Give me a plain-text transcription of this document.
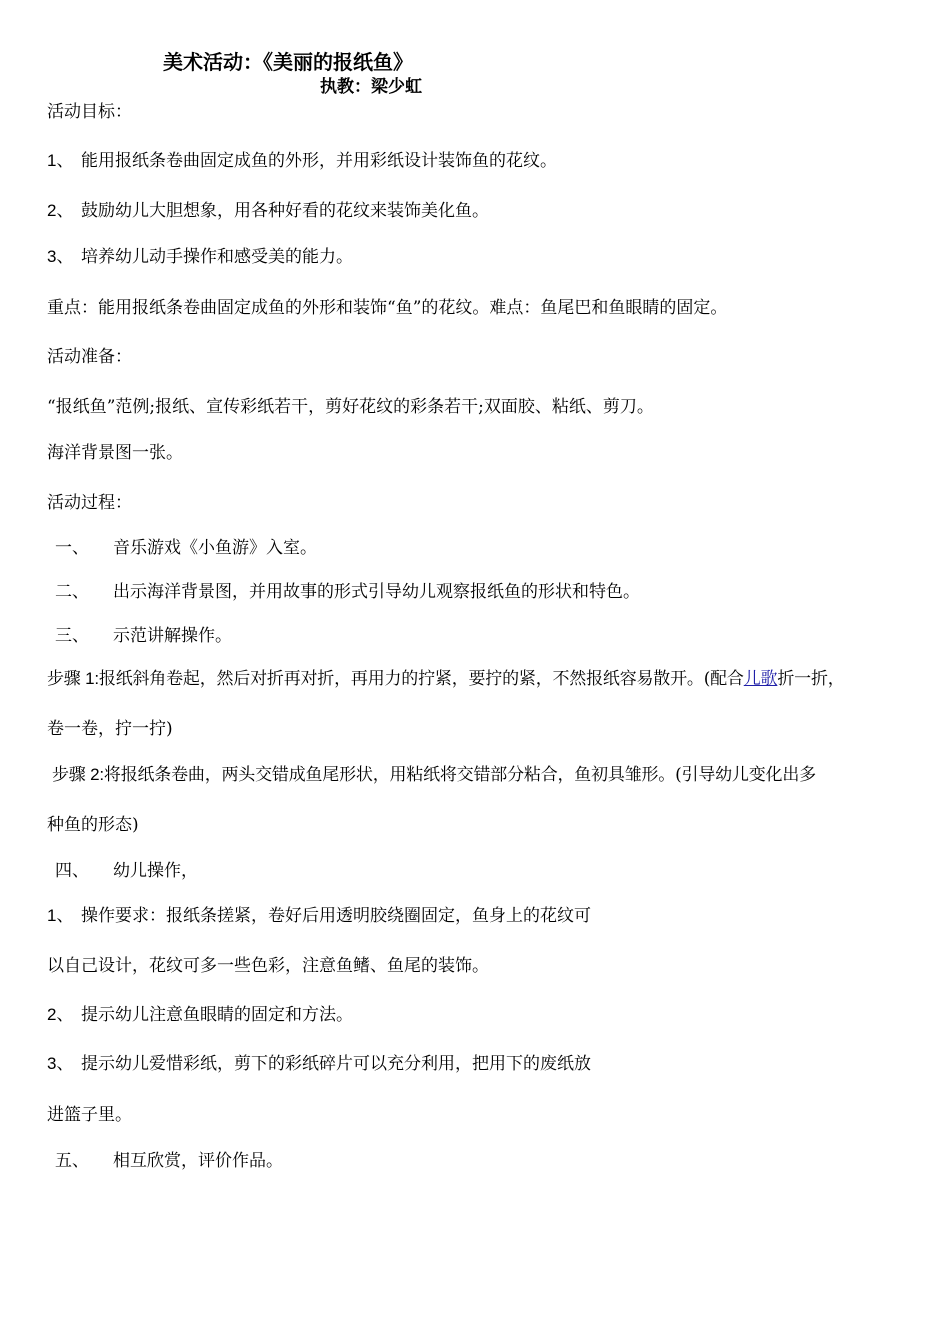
美术活动：《美丽的报纸鱼》
执教：梁少虹
活动目标：
1、 能用报纸条卷曲固定成鱼的外形，并用彩纸设计装饰鱼的花纹。
2、 鼓励幼儿大胆想象，用各种好看的花纹来装饰美化鱼。
3、 培养幼儿动手操作和感受美的能力。
重点：能用报纸条卷曲固定成鱼的外形和装饰“鱼”的花纹。难点：鱼尾巴和鱼眼睛的固定。
活动准备：
“报纸鱼”范例;报纸、宣传彩纸若干，剪好花纹的彩条若干;双面胶、粘纸、剪刀。
海洋背景图一张。
活动过程：
一、 音乐游戏《小鱼游》入室。
二、 出示海洋背景图，并用故事的形式引导幼儿观察报纸鱼的形状和特色。
三、 示范讲解操作。
步骤 1:报纸斜角卷起，然后对折再对折，再用力的拧紧，要拧的紧，不然报纸容易散开。(配合儿歌折一折，
卷一卷，拧一拧)
步骤 2:将报纸条卷曲，两头交错成鱼尾形状，用粘纸将交错部分粘合，鱼初具雏形。(引导幼儿变化出多
种鱼的形态)
四、 幼儿操作，
1、 操作要求：报纸条搓紧，卷好后用透明胶绕圈固定，鱼身上的花纹可
以自己设计，花纹可多一些色彩，注意鱼鳍、鱼尾的装饰。
2、 提示幼儿注意鱼眼睛的固定和方法。
3、 提示幼儿爱惜彩纸，剪下的彩纸碎片可以充分利用，把用下的废纸放
进篮子里。
五、 相互欣赏，评价作品。
